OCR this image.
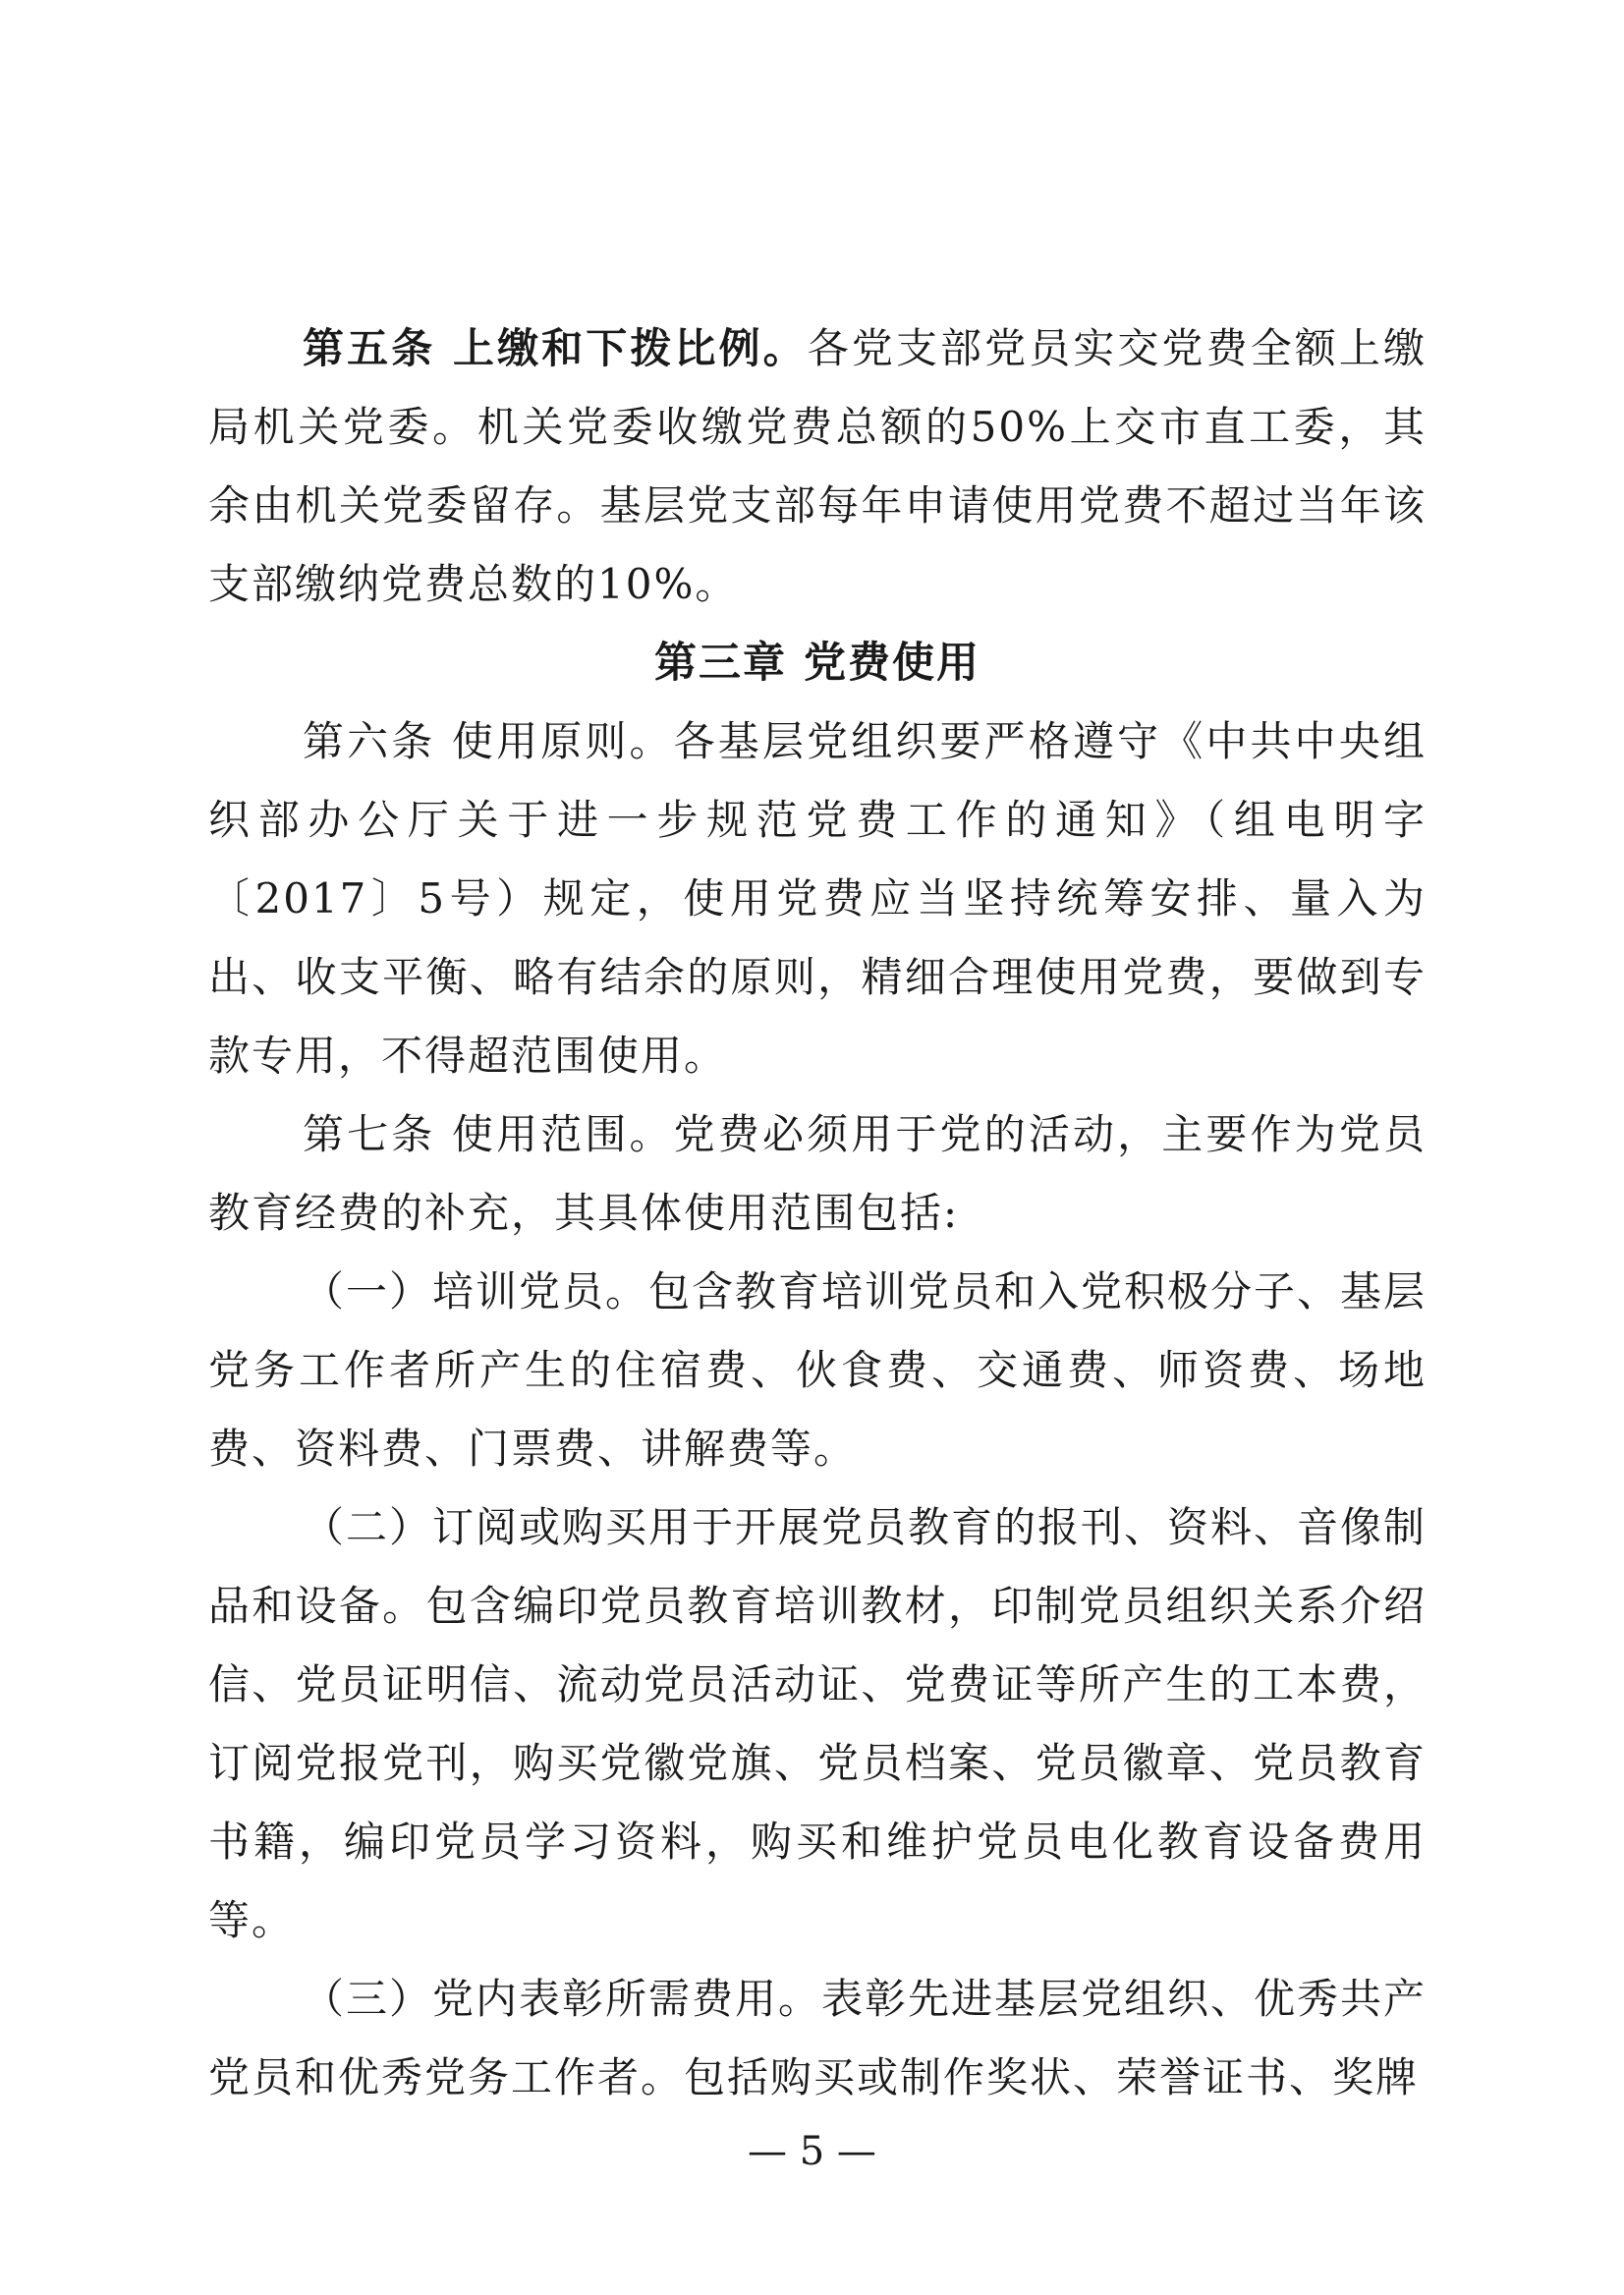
第五条 上缴和下拨比例。各党支部党员实交党费全额上缴局机关党委。机关党委收缴党费总额的50%上交市直工委，其余由机关党委留存。基层党支部每年申请使用党费不超过当年该支部缴纳党费总数的10%。

第三章 党费使用

第六条 使用原则。各基层党组织要严格遵守《中共中央组织部办公厅关于进一步规范党费工作的通知》（组电明字〔2017〕5号）规定，使用党费应当坚持统筹安排、量入为出、收支平衡、略有结余的原则，精细合理使用党费，要做到专款专用，不得超范围使用。

第七条 使用范围。党费必须用于党的活动，主要作为党员教育经费的补充，其具体使用范围包括:

（一）培训党员。包含教育培训党员和入党积极分子、基层党务工作者所产生的住宿费、伙食费、交通费、师资费、场地费、资料费、门票费、讲解费等。

（二）订阅或购买用于开展党员教育的报刊、资料、音像制品和设备。包含编印党员教育培训教材，印制党员组织关系介绍信、党员证明信、流动党员活动证、党费证等所产生的工本费，订阅党报党刊，购买党徽党旗、党员档案、党员徽章、党员教育书籍，编印党员学习资料，购买和维护党员电化教育设备费用等。

（三）党内表彰所需费用。表彰先进基层党组织、优秀共产党员和优秀党务工作者。包括购买或制作奖状、荣誉证书、奖牌

— 5 —
